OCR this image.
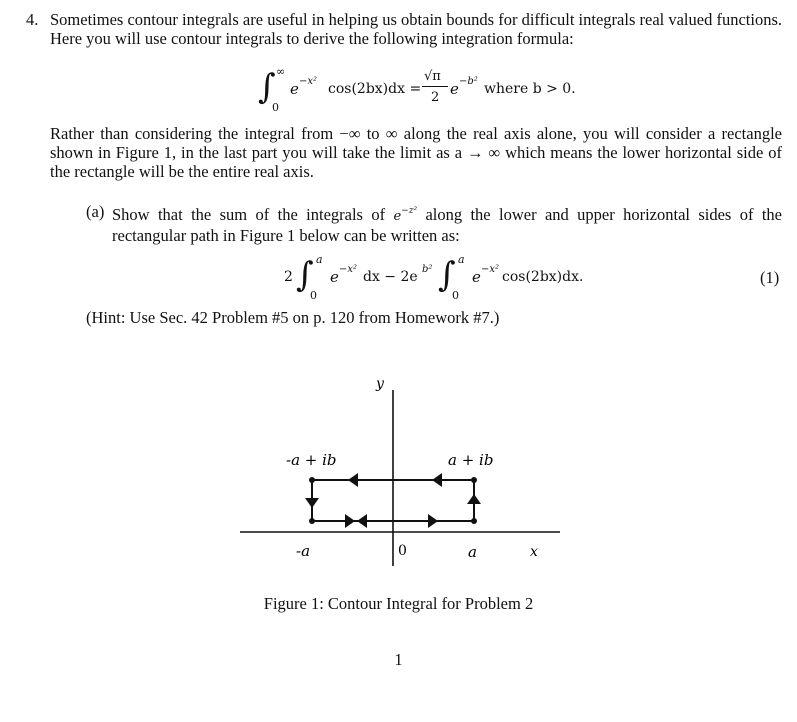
4. Sometimes contour integrals are useful in helping us obtain bounds for difficult integrals real valued functions. Here you will use contour integrals to derive the following integration formula:
∫ ∞
0
e −x² cos(2bx)dx =
√π
2 e −b² where b > 0.
Rather than considering the integral from −∞ to ∞ along the real axis alone, you will consider a rectangle shown in Figure 1, in the last part you will take the limit as a → ∞ which means the lower horizontal side of the rectangle will be the entire real axis.
(a) Show that the sum of the integrals of $e^{-z^2}$ along the lower and upper horizontal sides of the rectangular path in Figure 1 below can be written as:
2 ∫ a
0
e −x² dx − 2e b² ∫ a
0
e −x² cos(2bx)dx.	(1)
(Hint: Use Sec. 42 Problem #5 on p. 120 from Homework #7.)
y
x
-a + ib	a + ib
-a	0	a
Figure 1: Contour Integral for Problem 2
1
